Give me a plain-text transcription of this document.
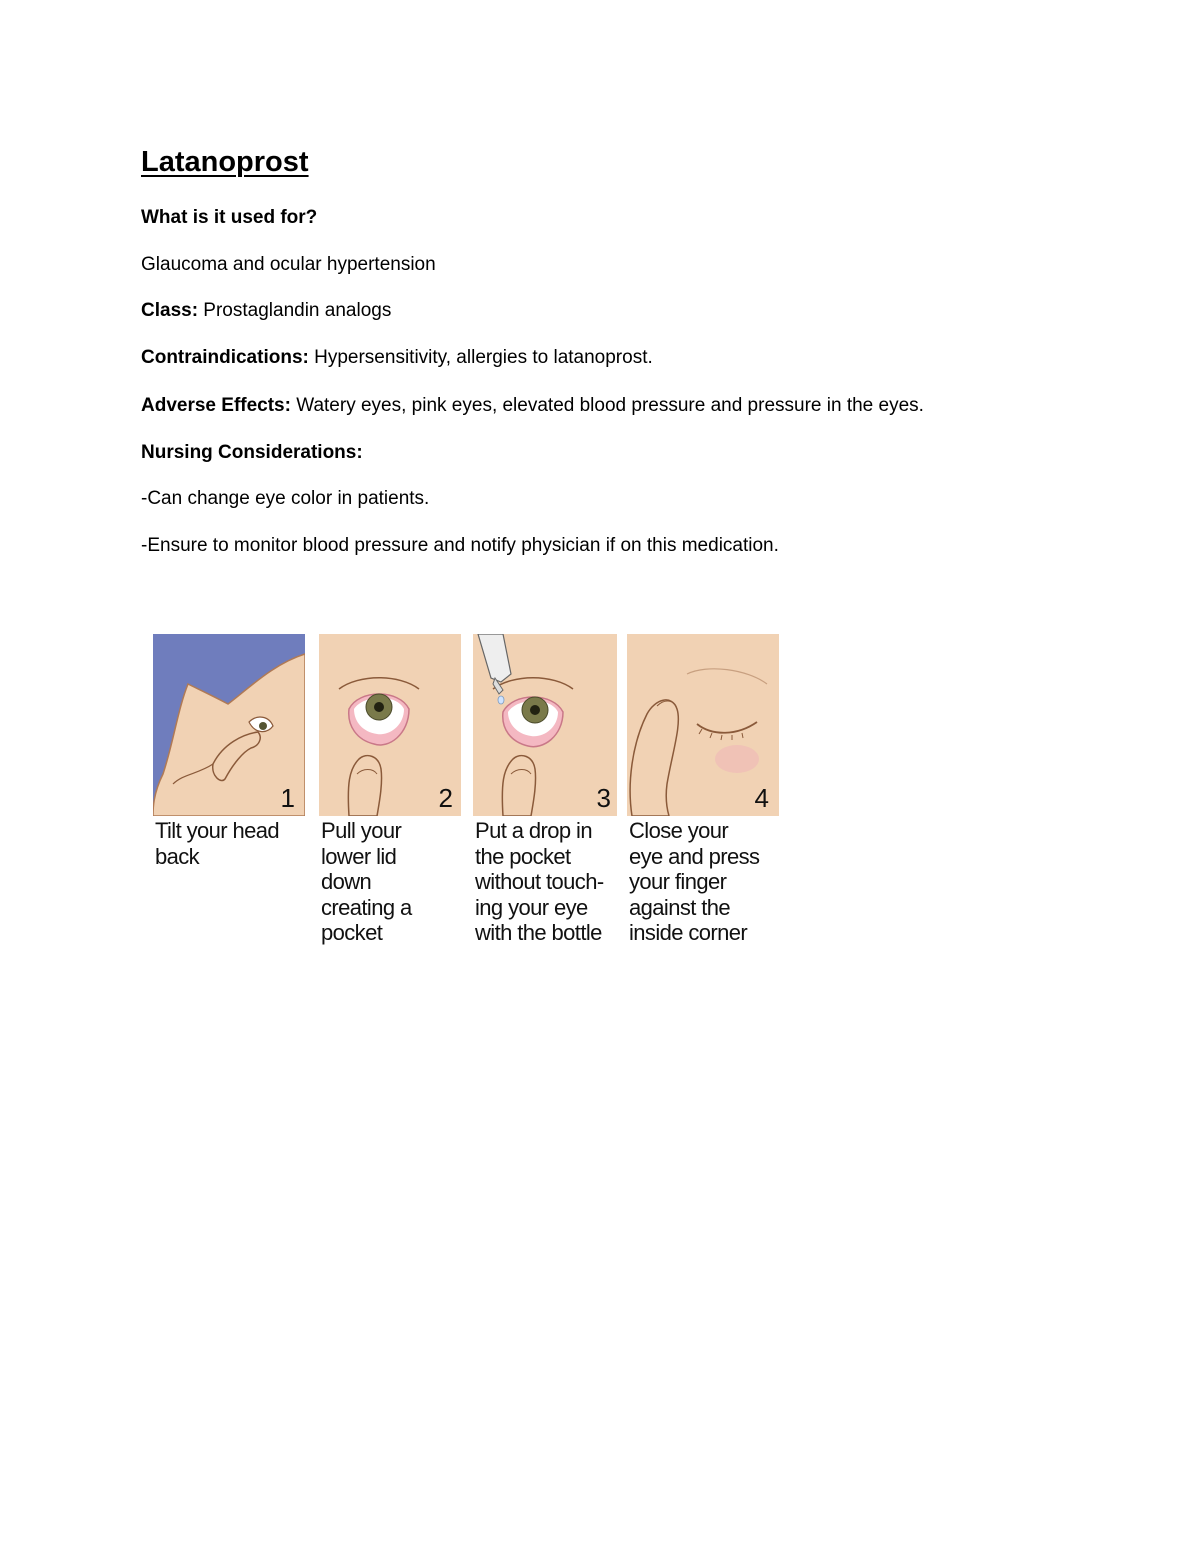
Latanoprost

What is it used for?

Glaucoma and ocular hypertension

Class: Prostaglandin analogs

Contraindications: Hypersensitivity, allergies to latanoprost.

Adverse Effects: Watery eyes, pink eyes, elevated blood pressure and pressure in the eyes.

Nursing Considerations:

-Can change eye color in patients.

-Ensure to monitor blood pressure and notify physician if on this medication.

1
Tilt your head
back
2
Pull your
lower lid
down
creating a
pocket
3
Put a drop in
the pocket
without touch-
ing your eye
with the bottle
4
Close your
eye and press
your finger
against the
inside corner
